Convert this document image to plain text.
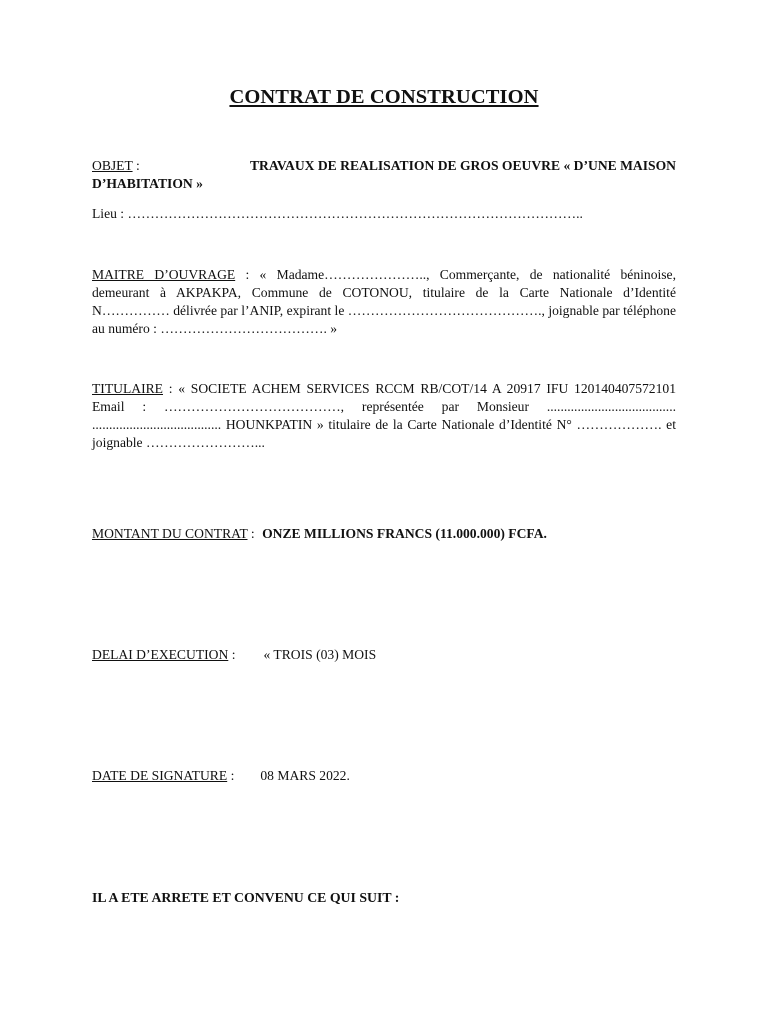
CONTRAT DE CONSTRUCTION
OBJET :	TRAVAUX DE REALISATION DE GROS OEUVRE « D’UNE MAISON
D’HABITATION »
Lieu : ………………………………………………………………………………………..
MAITRE D’OUVRAGE : « Madame………………….., Commerçante, de nationalité béninoise, demeurant à AKPAKPA, Commune de COTONOU, titulaire de la Carte Nationale d’Identité N…………… délivrée par l’ANIP, expirant le ……………………………………., joignable par téléphone au numéro : ………………………………. »
TITULAIRE : « SOCIETE ACHEM SERVICES RCCM RB/COT/14 A 20917 IFU 120140407572101 Email : …………………………………, représentée par Monsieur ...................................... ...................................... HOUNKPATIN » titulaire de la Carte Nationale d’Identité N° ………………. et joignable ……………………...
MONTANT DU CONTRAT : ONZE MILLIONS FRANCS (11.000.000) FCFA.
DELAI D’EXECUTION : « TROIS (03) MOIS
DATE DE SIGNATURE : 08 MARS 2022.
IL A ETE ARRETE ET CONVENU CE QUI SUIT :
